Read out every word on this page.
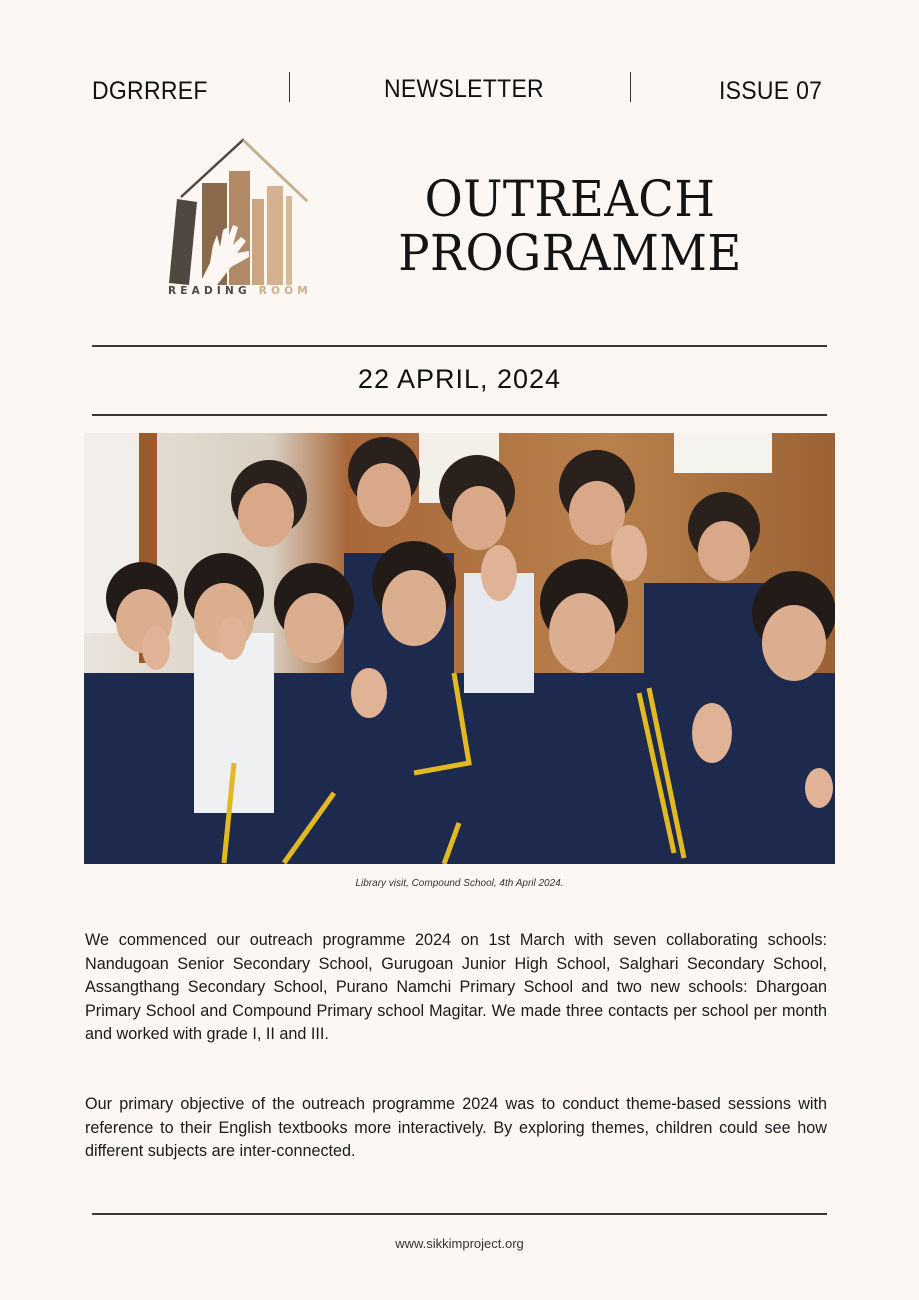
DGRRREF	NEWSLETTER	ISSUE 07
READING ROOM
OUTREACH
PROGRAMME
22 APRIL, 2024
Library visit, Compound School, 4th April 2024.

We commenced our outreach programme 2024 on 1st March with seven collaborating schools: Nandugoan Senior Secondary School, Gurugoan Junior High School, Salghari Secondary School, Assangthang Secondary School, Purano Namchi Primary School and two new schools: Dhargoan Primary School and Compound Primary school Magitar. We made three contacts per school per month and worked with grade I, II and III.

Our primary objective of the outreach programme 2024 was to conduct theme-based sessions with reference to their English textbooks more interactively. By exploring themes, children could see how different subjects are inter-connected.

www.sikkimproject.org
